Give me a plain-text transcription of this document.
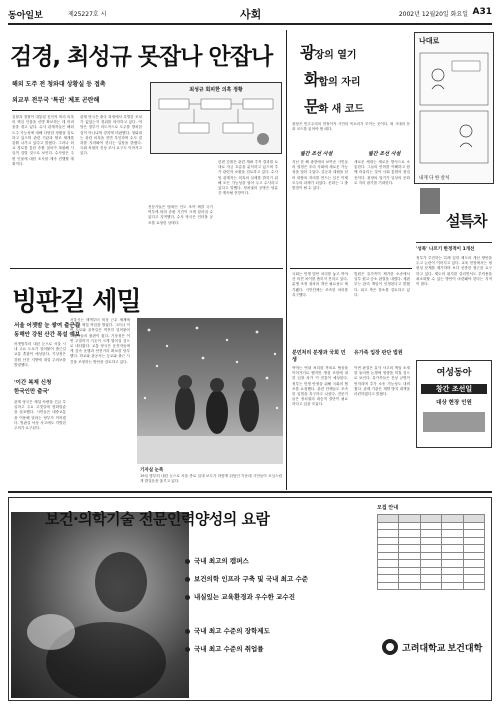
동아일보	제25227호 시	사회	2002년 12월20일 화요일 A31
검경, 최성규 못잡나 안잡나
해외 도주 전 청와대 상황실 등 접촉
외교부 전무국 '특권' 체포 곤란해
검찰과 경찰이 대통령 친인척 비리 의혹의 핵심 인물을 신병 확보하는 데 어려움을 겪고 있다. 수사 관계자들은 해외 도주 가능성에 대해 다양한 정황을 검토하고 있으며 관련 기관과 협조 체계를 갖춰 나가고 있다고 밝혔다. 그러나 외교 경로를 통한 송환 절차가 복잡해 시일이 걸릴 것으로 보인다. 수사팀은 주변 인물에 대한 조사를 계속 진행할 계획이다.
관계 당국은 출국 과정에서 특별한 조치가 없었는지 경위를 파악하고 있다. 야당은 정부가 의도적으로 도주를 방치한 것이 아니냐며 강하게 비판했다. 청와대는 관련 의혹을 전면 부인하며 수사 결과를 지켜봐야 한다는 입장을 밝혔다. 국회 차원의 진상 조사 요구도 이어지고 있다.
전문가들은 범죄인 인도 조약 체결 국가 여부에 따라 송환 기간이 크게 달라질 수 있다고 지적했다. 수사 당국은 인터폴 공조를 요청한 상태다.
한편 검찰은 관련 계좌 추적 결과를 토대로 자금 흐름을 분석하고 있으며 추가 관련자 소환을 검토하고 있다. 수사팀 관계자는 의혹의 실체를 밝히기 위해 모든 가능성을 열어 두고 수사하고 있다고 말했다. 정치권의 공방은 당분간 계속될 전망이다.
최성규 회피한 의혹 정황
빙판길 세밀
서울 어젯밤 눈 쌓여 출근길
동해안 강원 산간 폭설 예보
어젯밤부터 내린 눈으로 서울 시내 주요 도로가 얼어붙어 출근길 교통 혼잡이 예상된다. 기상청은 강원 산간 지방에 대설 주의보를 발령했다.
'이간 복제 신청
한국인만 출국'
관계 당국은 제설 차량을 긴급 투입하고 주요 고갯길에 염화칼슘을 살포했다. 시민들은 대중교통을 이용해 달라는 당부가 이어졌다. 빙판길 낙상 사고에도 각별한 주의가 요구된다.
서울시는 새벽부터 비상 근무 체제에 돌입해 제설 작업을 벌였다. 그러나 이면 도로와 골목길은 여전히 얼어붙어 보행자들의 불편이 컸다. 기상청은 이번 주말까지 기온이 크게 떨어질 것으로 내다봤다. 교통 당국은 운전자들에게 감속 운행과 안전거리 확보를 당부했다. 학교와 관공서는 등교와 출근 시간을 조정하는 방안을 검토하고 있다.
기자실 눈폭
19일 밤부터 내린 눈으로 서울 종로 일대 보도가 하얗게 뒤덮인 가운데 시민들이 조심스럽게 발걸음을 옮기고 있다.
광장의 열기
화합의 자리
문화 새 코드
광장은 민주주의의 현장이자 시민의 목소리가 모이는 곳이다. 새 시대의 문화 코드를 읽어야 할 때다.
월간 조선 사설	월간 조선 사설
지난 한 해 광장에서 보여준 시민들의 열정은 우리 사회에 새로운 가능성을 열어 주었다. 갈등과 대립을 넘어 화합의 자리를 만드는 일은 이제 모두의 과제가 되었다. 문화는 그 출발점이 될 수 있다.
새로운 세대는 새로운 방식으로 소통한다. 그들의 언어를 이해하고 함께 어울리는 것이 사회 통합의 첫걸음이다. 광장의 열기가 일상의 문화로 자리 잡기를 기대한다.
나대로
내게 다 한 살처
설특차
'성특' 나르기 한정적이 1개선
정부가 추진하는 특례 입학 제도의 개선 방안을 두고 논란이 이어지고 있다. 교육 현장에서는 형평성 문제를 제기하며 보다 신중한 접근을 요구하고 있다. 제도의 취지를 살리면서도 부작용을 최소화할 수 있는 방안이 마련돼야 한다는 지적이 많다.
여성동아
창간 조선일
대상 현장 인원
국회는 민생 법안 처리를 놓고 여야 간 의견 차이를 좁히지 못하고 있다. 분쟁 조정 절차의 개선 필요성도 제기됐다. 시민단체는 조속한 처리를 촉구했다.
법원은 유가족이 제기한 소송에서 일부 원고 승소 판결을 내렸다. 재판부는 관리 책임이 인정된다고 밝혔다. 피고 측은 항소를 검토하고 있다.
분민처리 분쟁과 국회 민생
유가족 입장 판단 법원
여야는 연내 처리를 목표로 협상을 이어가기로 했지만 쟁점 조항에 대한 입장 차가 커 진통이 예상된다. 정부는 민생 안정을 위해 국회의 협조를 요청했다. 관련 단체들도 조속한 입법을 촉구하고 나섰다. 전문가들은 정치권의 대승적 결단이 필요하다고 입을 모았다.
이번 판결은 유사 사고의 책임 소재를 둘러싼 논쟁에 영향을 미칠 것으로 보인다. 유가족들은 진상 규명이 먼저라며 추가 소송 가능성도 내비쳤다. 관계 기관은 재발 방지 대책을 마련하겠다고 밝혔다.
보건·의학기술 전문인력양성의 요람
국내 최고의 캠퍼스
보건의학 인프라 구축 및 국내 최고 수준
내실있는 교육환경과 우수한 교수진
국내 최고 수준의 장학제도
국내 최고 수준의 취업률
모집 안내

고려대학교 보건대학
